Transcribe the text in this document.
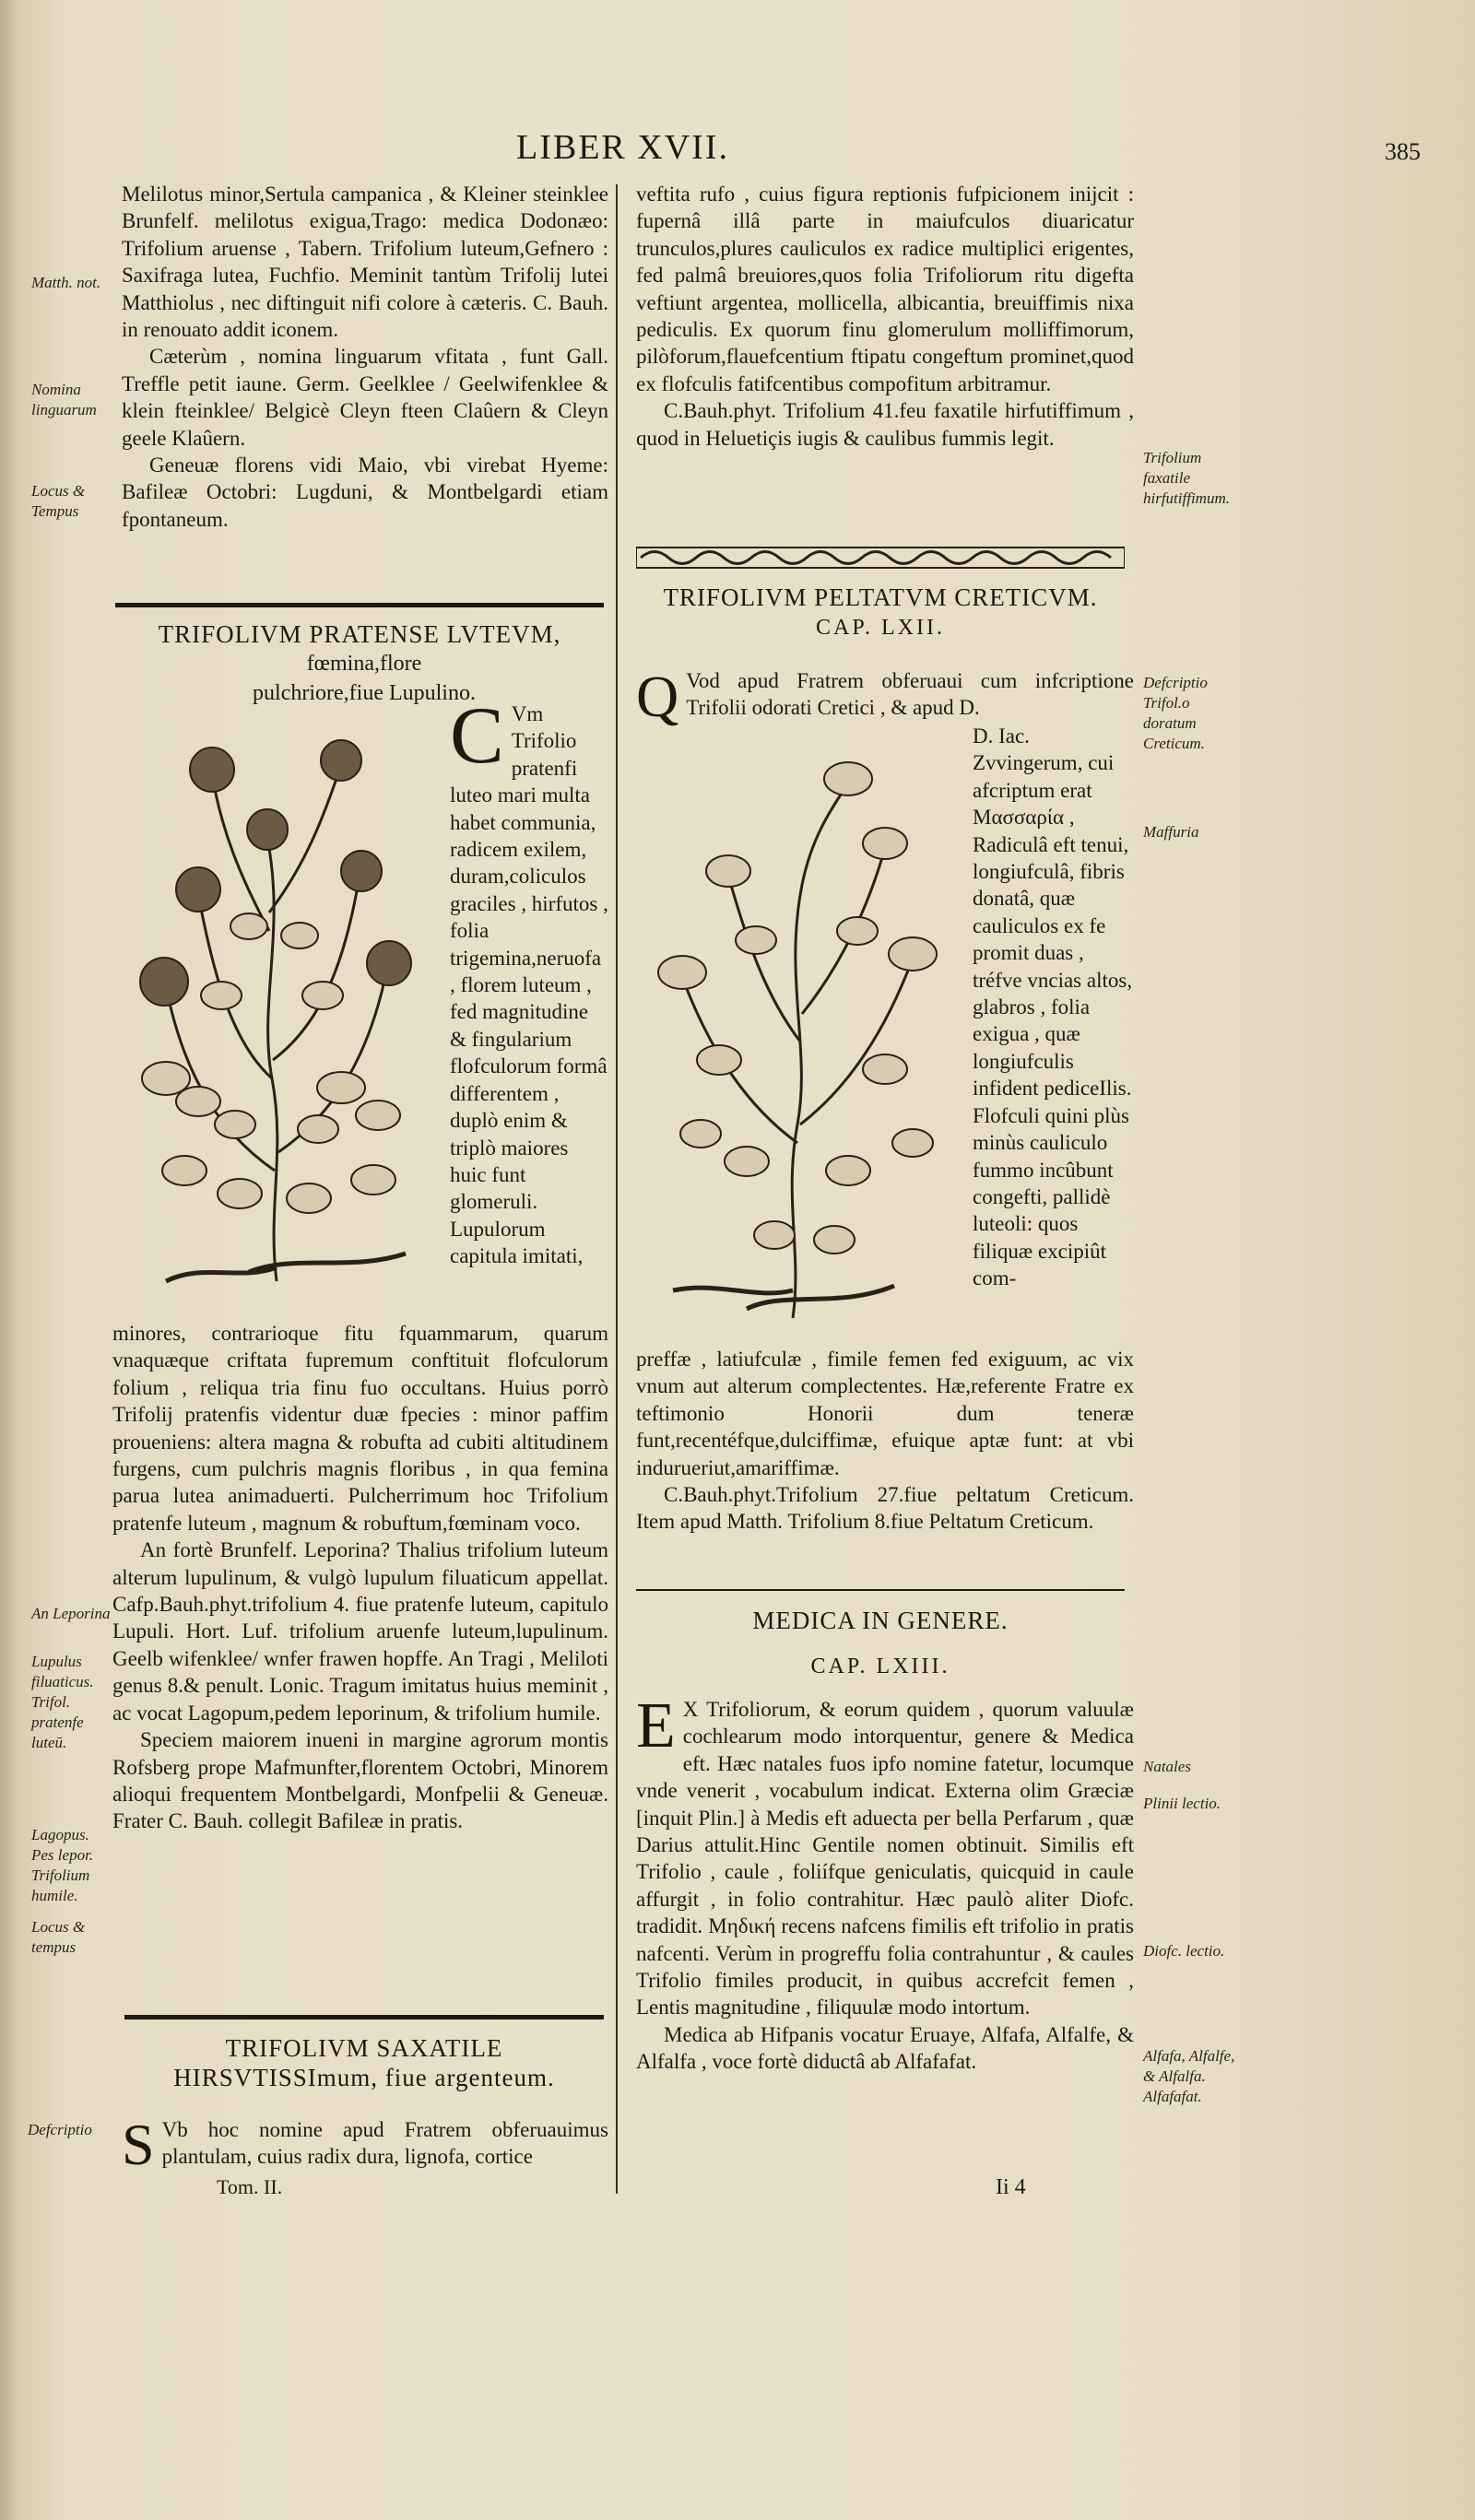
LIBER XVII.	385

Melilotus minor,Sertula campanica , & Kleiner steinklee Brunfelf. melilotus exigua,Trago: medica Dodonæo: Trifolium aruense , Tabern. Trifolium luteum,Gefnero : Saxifraga lutea, Fuchfio. Meminit tantùm Trifolij lutei Matthiolus , nec diftinguit nifi colore à cæteris. C. Bauh. in renouato addit iconem.

Cæterùm , nomina linguarum vfitata , funt Gall. Treffle petit iaune. Germ. Geelklee / Geelwifenklee & klein fteinklee/ Belgicè Cleyn fteen Claûern & Cleyn geele Klaûern.

Geneuæ florens vidi Maio, vbi virebat Hyeme: Bafileæ Octobri: Lugduni, & Montbelgardi etiam fpontaneum.

TRIFOLIVM PRATENSE LVTEVM,
fœmina,flore pulchriore,fiue Lupulino.
C Vm Trifolio pratenfi luteo mari multa habet communia, radicem exilem, duram,coliculos graciles , hirfutos , folia trigemina,neruofa , florem luteum , fed magnitudine & fingularium flofculorum formâ differentem , duplò enim & triplò maiores huic funt glomeruli. Lupulorum capitula imitati,

minores, contrarioque fitu fquammarum, quarum vnaquæque criftata fupremum conftituit flofculorum folium , reliqua tria finu fuo occultans. Huius porrò Trifolij pratenfis videntur duæ fpecies : minor paffim proueniens: altera magna & robufta ad cubiti altitudinem furgens, cum pulchris magnis floribus , in qua femina parua lutea animaduerti. Pulcherrimum hoc Trifolium pratenfe luteum , magnum & robuftum,fœminam voco.

An fortè Brunfelf. Leporina? Thalius trifolium luteum alterum lupulinum, & vulgò lupulum filuaticum appellat. Cafp.Bauh.phyt.trifolium 4. fiue pratenfe luteum, capitulo Lupuli. Hort. Luf. trifolium aruenfe luteum,lupulinum. Geelb wifenklee/ wnfer frawen hopffe. An Tragi , Meliloti genus 8.& penult. Lonic. Tragum imitatus huius meminit , ac vocat Lagopum,pedem leporinum, & trifolium humile.

Speciem maiorem inueni in margine agrorum montis Rofsberg prope Mafmunfter,florentem Octobri, Minorem alioqui frequentem Montbelgardi, Monfpelii & Geneuæ. Frater C. Bauh. collegit Bafileæ in pratis.

TRIFOLIVM SAXATILE HIRSVTISSImum, fiue argenteum.
S Vb hoc nomine apud Fratrem obferuauimus plantulam, cuius radix dura, lignofa, cortice
Tom. II.

veftita rufo , cuius figura reptionis fufpicionem inijcit : fupernâ illâ parte in maiufculos diuaricatur trunculos,plures cauliculos ex radice multiplici erigentes, fed palmâ breuiores,quos folia Trifoliorum ritu digefta veftiunt argentea, mollicella, albicantia, breuiffimis nixa pediculis. Ex quorum finu glomerulum molliffimorum, pilòforum,flauefcentium ftipatu congeftum prominet,quod ex flofculis fatifcentibus compofitum arbitramur.

C.Bauh.phyt. Trifolium 41.feu faxatile hirfutiffimum , quod in Heluetiçis iugis & caulibus fummis legit.

TRIFOLIVM PELTATVM CRETICVM.
CAP. LXII.
Q Vod apud Fratrem obferuaui cum infcriptione Trifolii odorati Cretici , & apud D.
D. Iac. Zvvingerum, cui afcriptum erat Μασσαρία , Radiculâ eft tenui, longiufculâ, fibris donatâ, quæ cauliculos ex fe promit duas , tréfve vncias altos, glabros , folia exigua , quæ longiufculis infident pediceIlis. Flofculi quini plùs minùs cauliculo fummo incûbunt congefti, pallidè luteoli: quos filiquæ excipiût com-

preffæ , latiufculæ , fimile femen fed exiguum, ac vix vnum aut alterum complectentes. Hæ,referente Fratre ex teftimonio Honorii dum teneræ funt,recentéfque,dulciffimæ, efuique aptæ funt: at vbi indurueriut,amariffimæ.

C.Bauh.phyt.Trifolium 27.fiue peltatum Creticum. Item apud Matth. Trifolium 8.fiue Peltatum Creticum.

MEDICA IN GENERE.
CAP. LXIII.

E X Trifoliorum, & eorum quidem , quorum valuulæ cochlearum modo intorquentur, genere & Medica eft. Hæc natales fuos ipfo nomine fatetur, locumque vnde venerit , vocabulum indicat. Externa olim Græciæ [inquit Plin.] à Medis eft aduecta per bella Perfarum , quæ Darius attulit.Hinc Gentile nomen obtinuit. Similis eft Trifolio , caule , foliífque geniculatis, quicquid in caule affurgit , in folio contrahitur. Hæc paulò aliter Diofc. tradidit. Μηδική recens nafcens fimilis eft trifolio in pratis nafcenti. Verùm in progreffu folia contrahuntur , & caules Trifolio fimiles producit, in quibus accrefcit femen , Lentis magnitudine , filiquulæ modo intortum.

Medica ab Hifpanis vocatur Eruaye, Alfafa, Alfalfe, & Alfalfa , voce fortè diductâ ab Alfafafat.

Ii 4
Matth. not.
Nomina linguarum
Locus & Tempus
An Leporina
Lupulus filuaticus. Trifol. pratenfe luteū.
Lagopus. Pes lepor. Trifolium humile.
Locus & tempus
Defcriptio
Trifolium faxatile hirfutiffimum.
Defcriptio Trifol.o doratum Creticum.
Maffuria
Natales
Plinii lectio.
Diofc. lectio.
Alfafa, Alfalfe, & Alfalfa. Alfafafat.
